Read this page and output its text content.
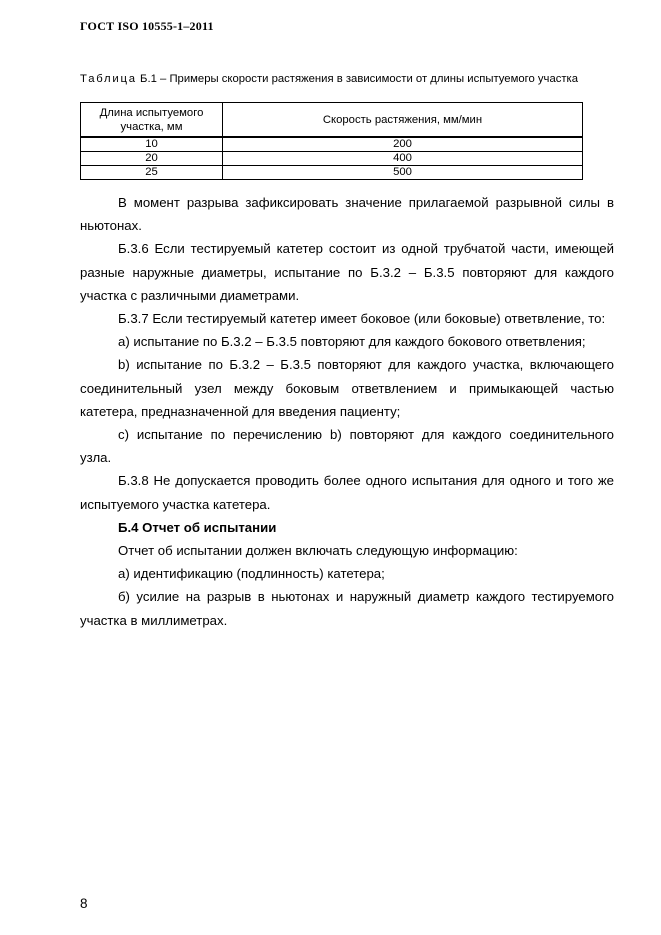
ГОСТ ISO 10555-1–2011
Таблица Б.1 – Примеры скорости растяжения в зависимости от длины испытуемого участка
Длина испытуемого участка, мм	Скорость растяжения, мм/мин
10	200
20	400
25	500

В момент разрыва зафиксировать значение прилагаемой разрывной силы в ньютонах.

Б.3.6 Если тестируемый катетер состоит из одной трубчатой части, имеющей разные наружные диаметры, испытание по Б.3.2 – Б.3.5 повторяют для каждого участка с различными диаметрами.

Б.3.7 Если тестируемый катетер имеет боковое (или боковые) ответвление, то:

а) испытание по Б.3.2 – Б.3.5 повторяют для каждого бокового ответвления;

b) испытание по Б.3.2 – Б.3.5 повторяют для каждого участка, включающего соединительный узел между боковым ответвлением и примыкающей частью катетера, предназначенной для введения пациенту;

с) испытание по перечислению b) повторяют для каждого соединительного узла.

Б.3.8 Не допускается проводить более одного испытания для одного и того же испытуемого участка катетера.

Б.4 Отчет об испытании

Отчет об испытании должен включать следующую информацию:

а) идентификацию (подлинность) катетера;

б) усилие на разрыв в ньютонах и наружный диаметр каждого тестируемого участка в миллиметрах.

8
